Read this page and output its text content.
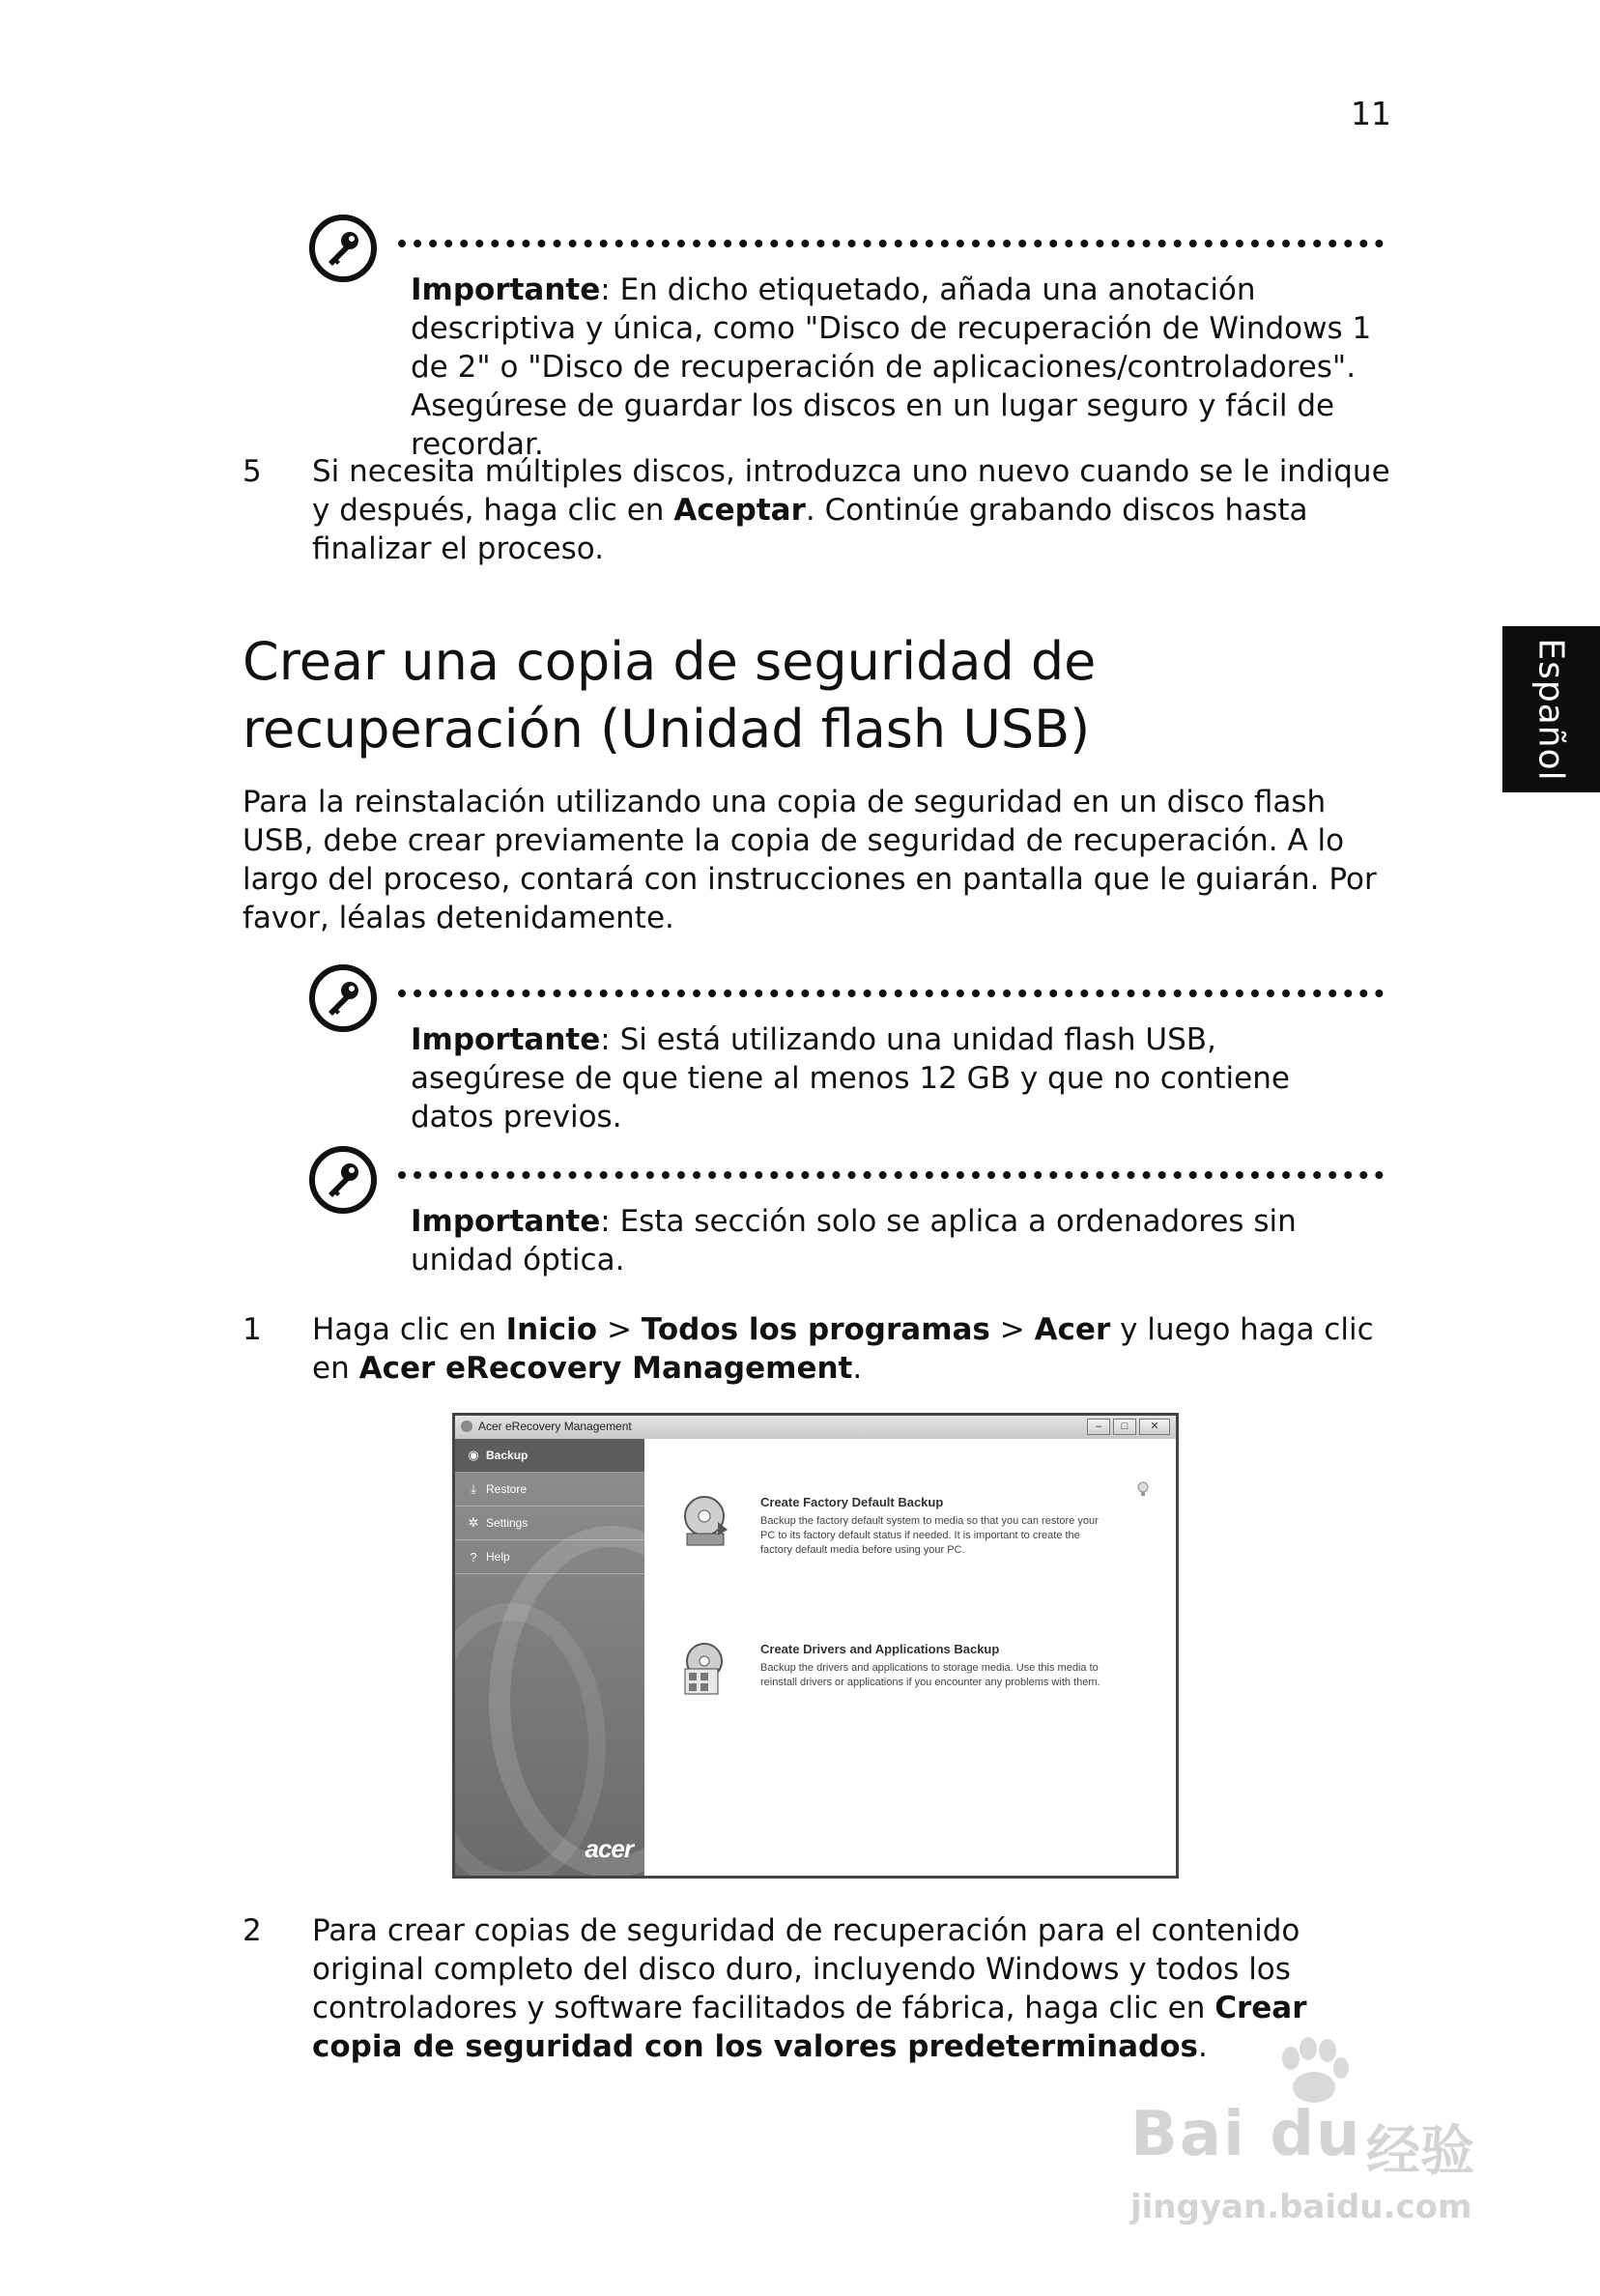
11
Español

Importante: En dicho etiquetado, añada una anotación descriptiva y única, como "Disco de recuperación de Windows 1 de 2" o "Disco de recuperación de aplicaciones/controladores". Asegúrese de guardar los discos en un lugar seguro y fácil de recordar.

5	Si necesita múltiples discos, introduzca uno nuevo cuando se le indique y después, haga clic en Aceptar. Continúe grabando discos hasta finalizar el proceso.
Crear una copia de seguridad de recuperación (Unidad flash USB)

Para la reinstalación utilizando una copia de seguridad en un disco flash USB, debe crear previamente la copia de seguridad de recuperación. A lo largo del proceso, contará con instrucciones en pantalla que le guiarán. Por favor, léalas detenidamente.

Importante: Si está utilizando una unidad flash USB, asegúrese de que tiene al menos 12 GB y que no contiene datos previos.

Importante: Esta sección solo se aplica a ordenadores sin unidad óptica.

1	Haga clic en Inicio > Todos los programas > Acer y luego haga clic en Acer eRecovery Management.
Acer eRecovery Management	–	□	✕
◉ Backup
⤓ Restore
✲ Settings
? Help
acer
Create Factory Default Backup
Backup the factory default system to media so that you can restore your PC to its factory default status if needed. It is important to create the factory default media before using your PC.
Create Drivers and Applications Backup
Backup the drivers and applications to storage media. Use this media to reinstall drivers or applications if you encounter any problems with them.
2	Para crear copias de seguridad de recuperación para el contenido original completo del disco duro, incluyendo Windows y todos los controladores y software facilitados de fábrica, haga clic en Crear copia de seguridad con los valores predeterminados.
Bai du 经验
jingyan.baidu.com
